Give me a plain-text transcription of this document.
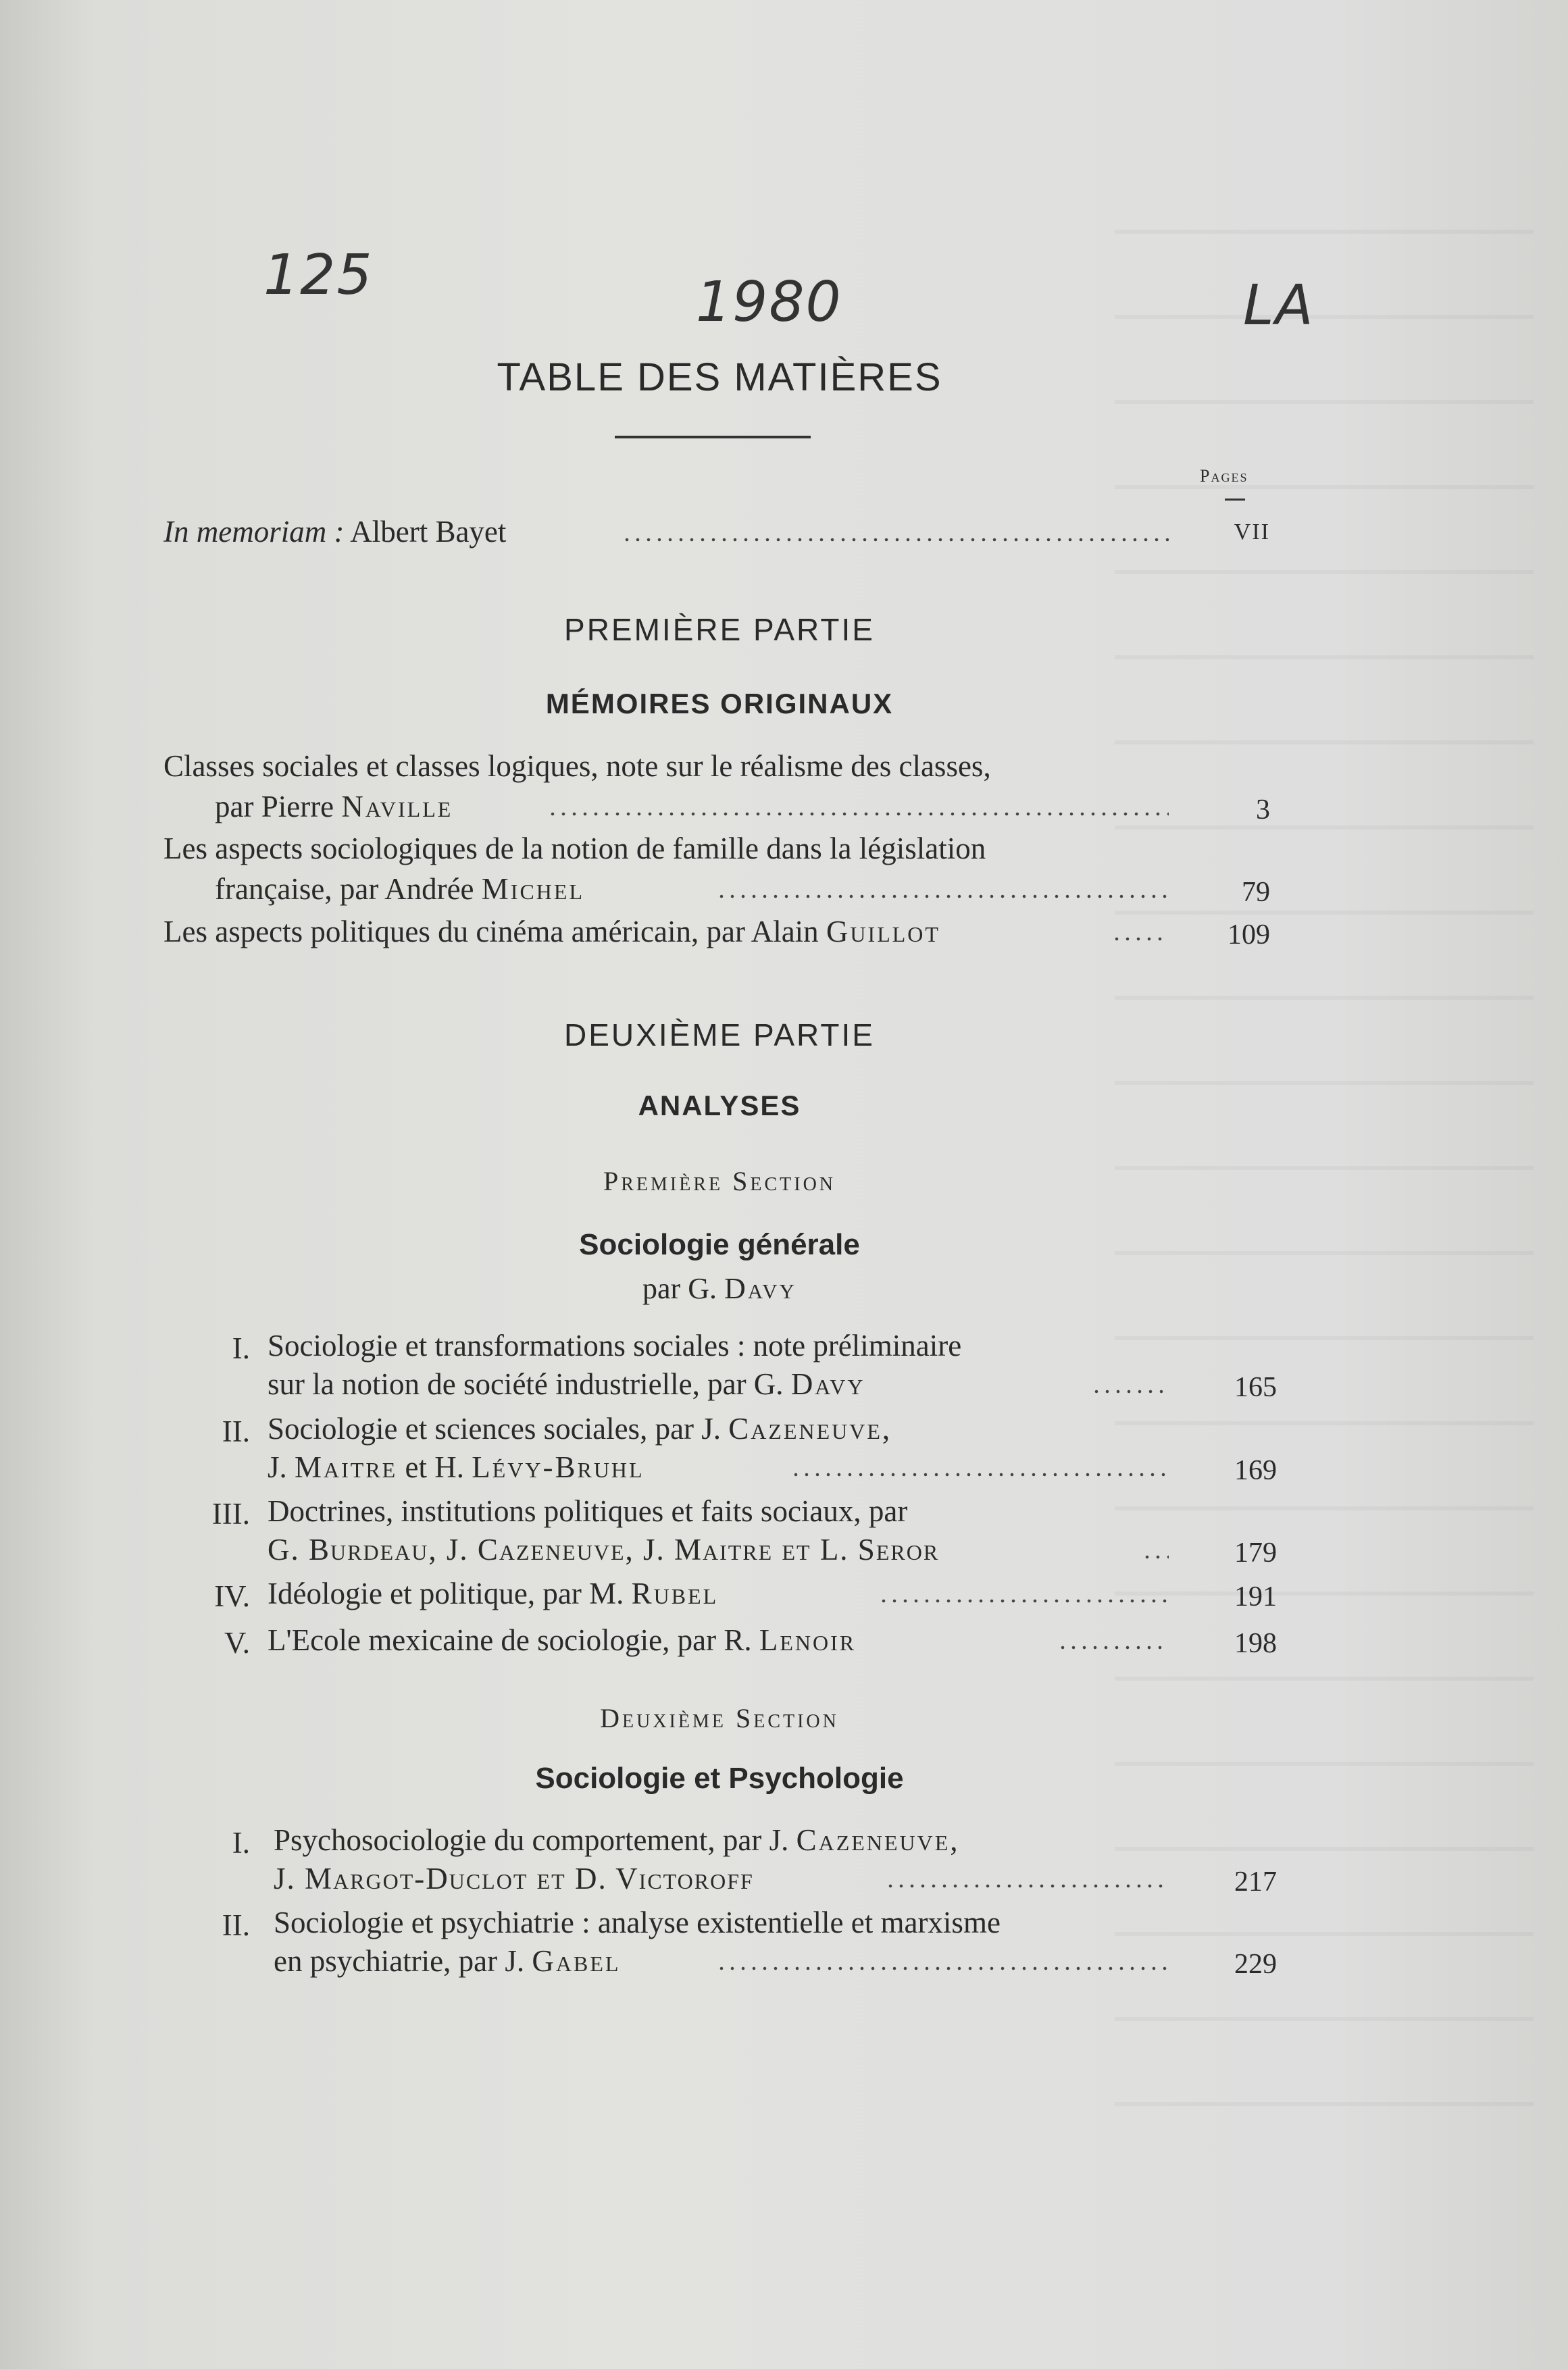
125	1980	LA
TABLE DES MATIÈRES
Pages
In memoriam : Albert Bayet	VII
PREMIÈRE PARTIE
MÉMOIRES ORIGINAUX
Classes sociales et classes logiques, note sur le réalisme des classes,
par Pierre Naville	3
Les aspects sociologiques de la notion de famille dans la législation
française, par Andrée Michel	79
Les aspects politiques du cinéma américain, par Alain Guillot	109
DEUXIÈME PARTIE
ANALYSES
Première Section
Sociologie générale
par G. Davy
I. Sociologie et transformations sociales : note préliminaire
sur la notion de société industrielle, par G. Davy	165
II. Sociologie et sciences sociales, par J. Cazeneuve,
J. Maitre et H. Lévy-Bruhl	169
III. Doctrines, institutions politiques et faits sociaux, par
G. Burdeau, J. Cazeneuve, J. Maitre et L. Seror	179
IV. Idéologie et politique, par M. Rubel	191
V. L'Ecole mexicaine de sociologie, par R. Lenoir	198
Deuxième Section
Sociologie et Psychologie
I. Psychosociologie du comportement, par J. Cazeneuve,
J. Margot-Duclot et D. Victoroff	217
II. Sociologie et psychiatrie : analyse existentielle et marxisme
en psychiatrie, par J. Gabel	229
